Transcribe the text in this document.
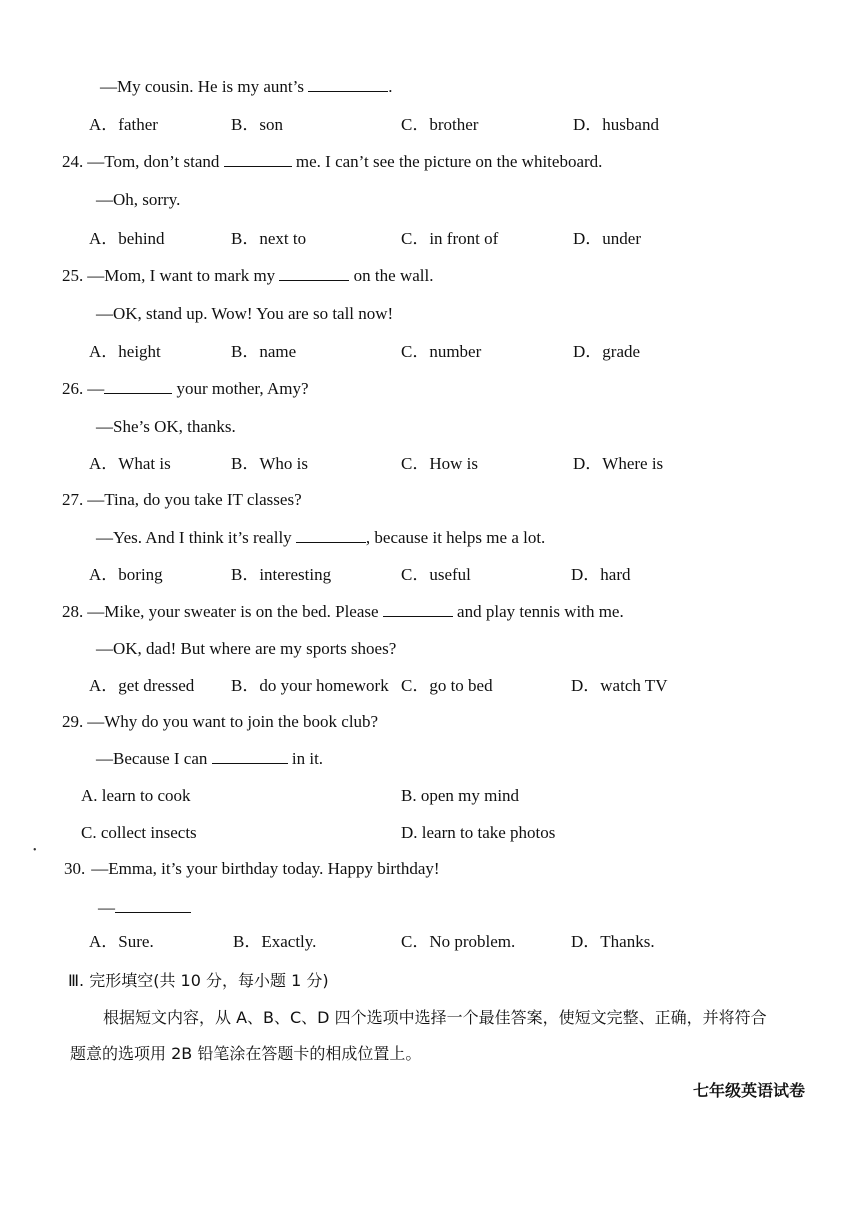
—My cousin. He is my aunt’s	.
A．father	B．son	C．brother	D．husband
24. —Tom, don’t stand	me. I can’t see the picture on the whiteboard.
—Oh, sorry.
A．behind	B．next to	C．in front of	D．under
25. —Mom, I want to mark my	on the wall.
—OK, stand up. Wow! You are so tall now!
A．height	B．name	C．number	D．grade
26. —	your mother, Amy?
—She’s OK, thanks.
A．What is	B．Who is	C．How is	D．Where is
27. —Tina, do you take IT classes?
—Yes. And I think it’s really	, because it helps me a lot.
A．boring	B．interesting	C．useful	D．hard
28. —Mike, your sweater is on the bed. Please	and play tennis with me.
—OK, dad! But where are my sports shoes?
A．get dressed B．do your homework C．go to bed	D．watch TV
29. —Why do you want to join the book club?
—Because I can	in it.
A. learn to cook	B. open my mind
C. collect insects	D. learn to take photos
•
30. —Emma, it’s your birthday today. Happy birthday!
—
A．Sure.	B．Exactly.	C．No problem.	D．Thanks.
Ⅲ. 完形填空(共 10 分，每小题 1 分)
根据短文内容，从 A、B、C、D 四个选项中选择一个最佳答案，使短文完整、正确，并将符合
题意的选项用 2B 铅笔涂在答题卡的相成位置上。
七年级英语试卷
